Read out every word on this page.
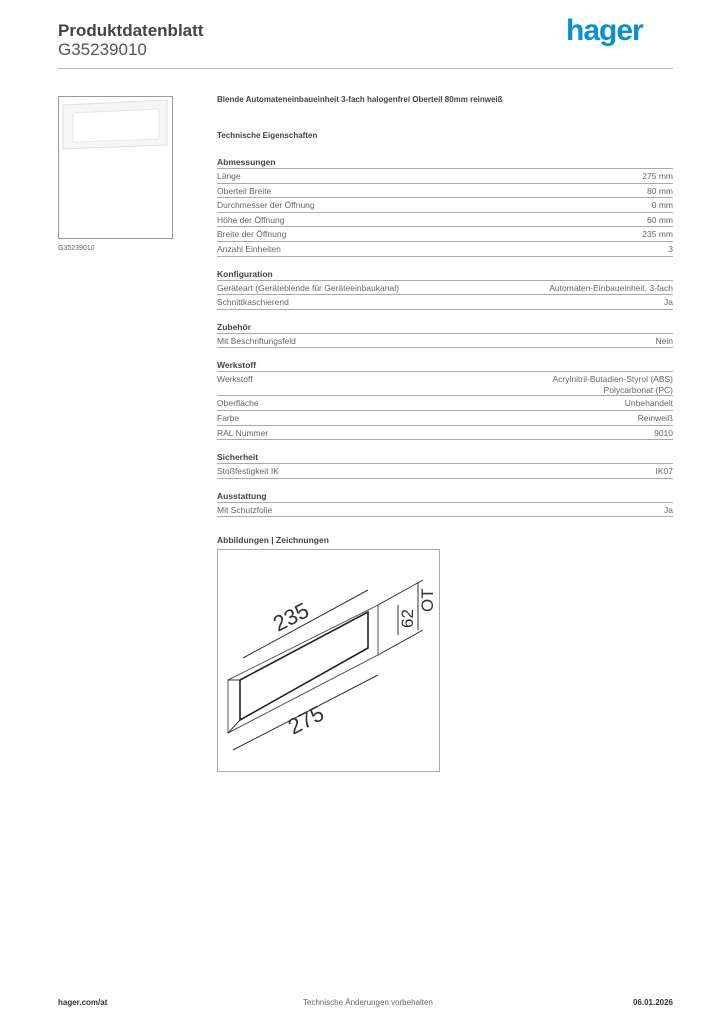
Produktdatenblatt
G35239010
hager
G35239010
Blende Automateneinbaueinheit 3-fach halogenfrei Oberteil 80mm reinweiß
Technische Eigenschaften
Abmessungen
Länge	275 mm
Oberteil Breite	80 mm
Durchmesser der Öffnung	0 mm
Höhe der Öffnung	60 mm
Breite der Öffnung	235 mm
Anzahl Einheiten	3
Konfiguration
Geräteart (Geräteblende für Geräteeinbaukanal)	Automaten-Einbaueinheit, 3-fach
Schnittkaschierend	Ja
Zubehör
Mit Beschriftungsfeld	Nein
Werkstoff
Werkstoff	Acrylnitril-Butadien-Styrol (ABS)
Polycarbonat (PC)
Oberfläche	Unbehandelt
Farbe	Reinweiß
RAL Nummer	9010
Sicherheit
Stoßfestigkeit IK	IK07
Ausstattung
Mit Schutzfolie	Ja
Abbildungen | Zeichnungen
235
275
62
OT
hager.com/at	Technische Änderungen vorbehalten	06.01.2026
